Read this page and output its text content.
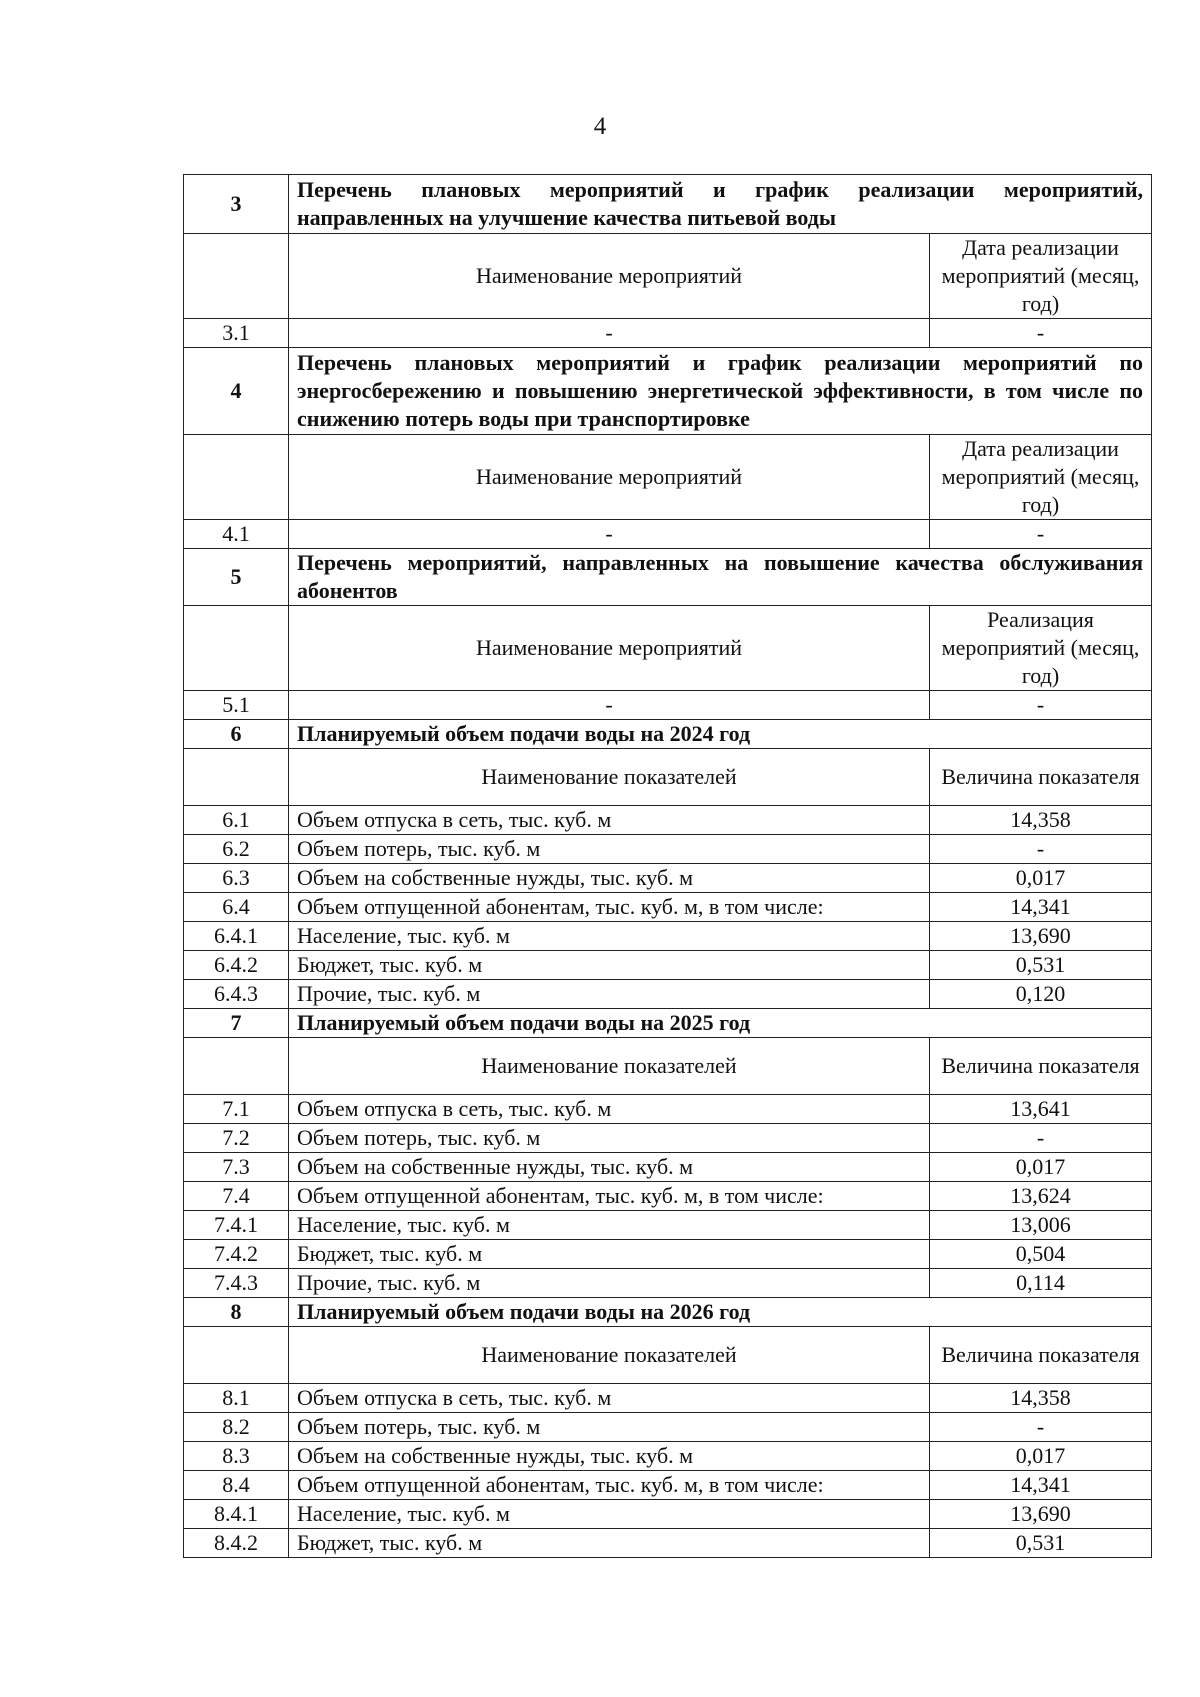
4
3	Перечень плановых мероприятий и график реализации мероприятий, направленных на улучшение качества питьевой воды	
	Наименование мероприятий	Дата реализации мероприятий (месяц, год)
3.1	-	-
4	Перечень плановых мероприятий и график реализации мероприятий по энергосбережению и повышению энергетической эффективности, в том числе по снижению потерь воды при транспортировке	
	Наименование мероприятий	Дата реализации мероприятий (месяц, год)
4.1	-	-
5	Перечень мероприятий, направленных на повышение качества обслуживания абонентов	
	Наименование мероприятий	Реализация мероприятий (месяц, год)
5.1	-	-
6	Планируемый объем подачи воды на 2024 год	
	Наименование показателей	Величина показателя
6.1	Объем отпуска в сеть, тыс. куб. м	14,358
6.2	Объем потерь, тыс. куб. м	-
6.3	Объем на собственные нужды, тыс. куб. м	0,017
6.4	Объем отпущенной абонентам, тыс. куб. м, в том числе:	14,341
6.4.1	Население, тыс. куб. м	13,690
6.4.2	Бюджет, тыс. куб. м	0,531
6.4.3	Прочие, тыс. куб. м	0,120
7	Планируемый объем подачи воды на 2025 год	
	Наименование показателей	Величина показателя
7.1	Объем отпуска в сеть, тыс. куб. м	13,641
7.2	Объем потерь, тыс. куб. м	-
7.3	Объем на собственные нужды, тыс. куб. м	0,017
7.4	Объем отпущенной абонентам, тыс. куб. м, в том числе:	13,624
7.4.1	Население, тыс. куб. м	13,006
7.4.2	Бюджет, тыс. куб. м	0,504
7.4.3	Прочие, тыс. куб. м	0,114
8	Планируемый объем подачи воды на 2026 год	
	Наименование показателей	Величина показателя
8.1	Объем отпуска в сеть, тыс. куб. м	14,358
8.2	Объем потерь, тыс. куб. м	-
8.3	Объем на собственные нужды, тыс. куб. м	0,017
8.4	Объем отпущенной абонентам, тыс. куб. м, в том числе:	14,341
8.4.1	Население, тыс. куб. м	13,690
8.4.2	Бюджет, тыс. куб. м	0,531
